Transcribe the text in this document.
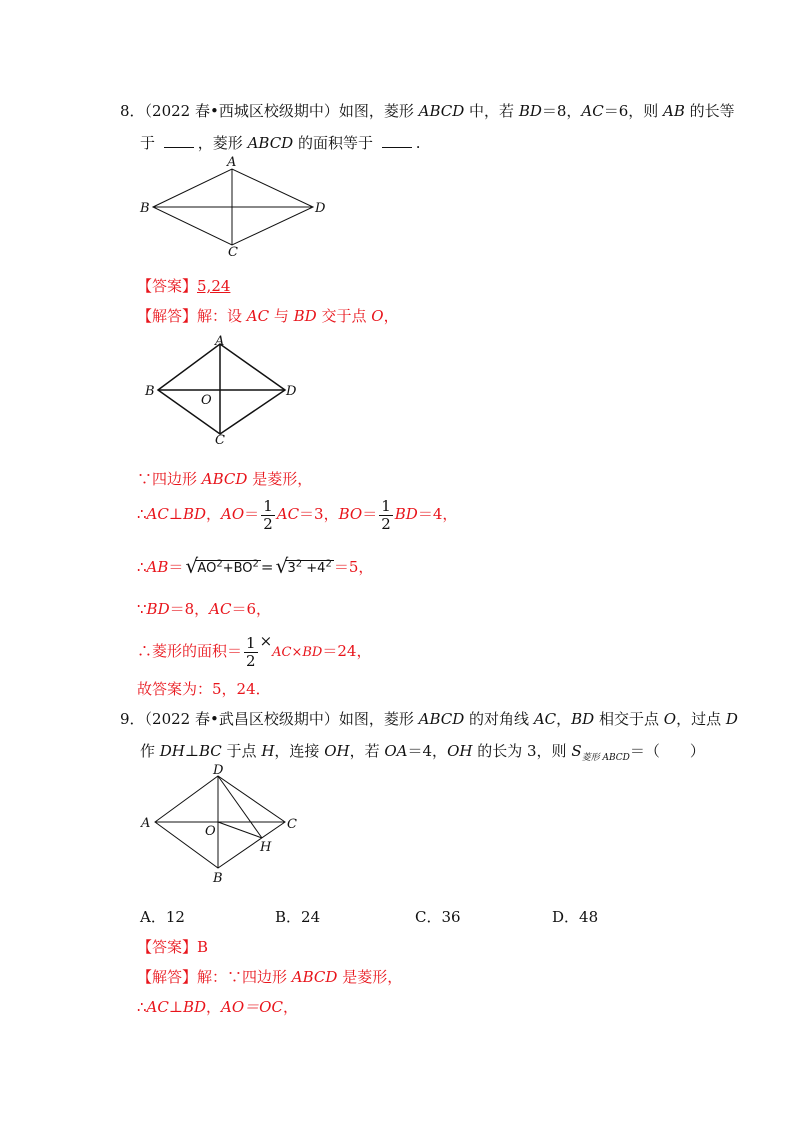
8．（2022 春•西城区校级期中）如图，菱形 ABCD 中，若 BD＝8，AC＝6，则 AB 的长等
于	，菱形 ABCD 的面积等于	.
A
B
C
D
【答案】5,24
【解答】解：设 AC 与 BD 交于点 O，
A
B
O
C
D
∵四边形 ABCD 是菱形，
∴AC⊥BD，$AO= \frac{1}{2} AC=3$，$BO= \frac{1}{2} BD=4$，
∴AB＝ √ $AO^2+BO^2$ = √ $3^2 +4^2 =5$，
∵BD＝8，AC＝6，
∴菱形的面积＝ $\frac{1}{2} \times AC\times BD=24$，
故答案为：5，24．
9．（2022 春•武昌区校级期中）如图，菱形 ABCD 的对角线 AC，BD 相交于点 O，过点 D
作 DH⊥BC 于点 H，连接 OH，若 OA＝4，OH 的长为 3，则 $S_{菱形 ABCD}=$（　　）
D
A
O	C
H
B
A．12	B．24	C．36	D．48
【答案】B
【解答】解：∵四边形 ABCD 是菱形，
∴AC⊥BD，AO＝OC，
